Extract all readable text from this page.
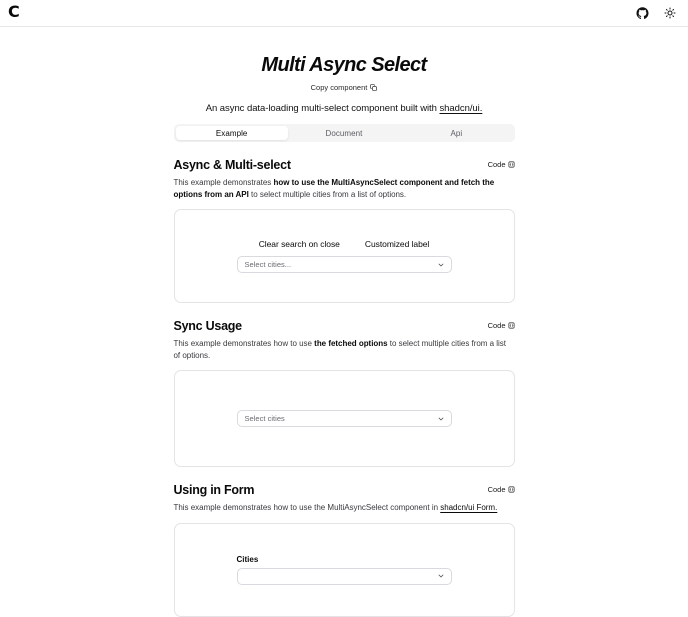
C
Multi Async Select
Copy component
An async data-loading multi-select component built with shadcn/ui.
Example	Document	Api
Async & Multi-select	Code
This example demonstrates how to use the MultiAsyncSelect component and fetch the options from an API to select multiple cities from a list of options.
Clear search on close	Customized label
Select cities...
Sync Usage	Code
This example demonstrates how to use the fetched options to select multiple cities from a list of options.
Select cities
Using in Form	Code
This example demonstrates how to use the MultiAsyncSelect component in shadcn/ui Form.
Cities
